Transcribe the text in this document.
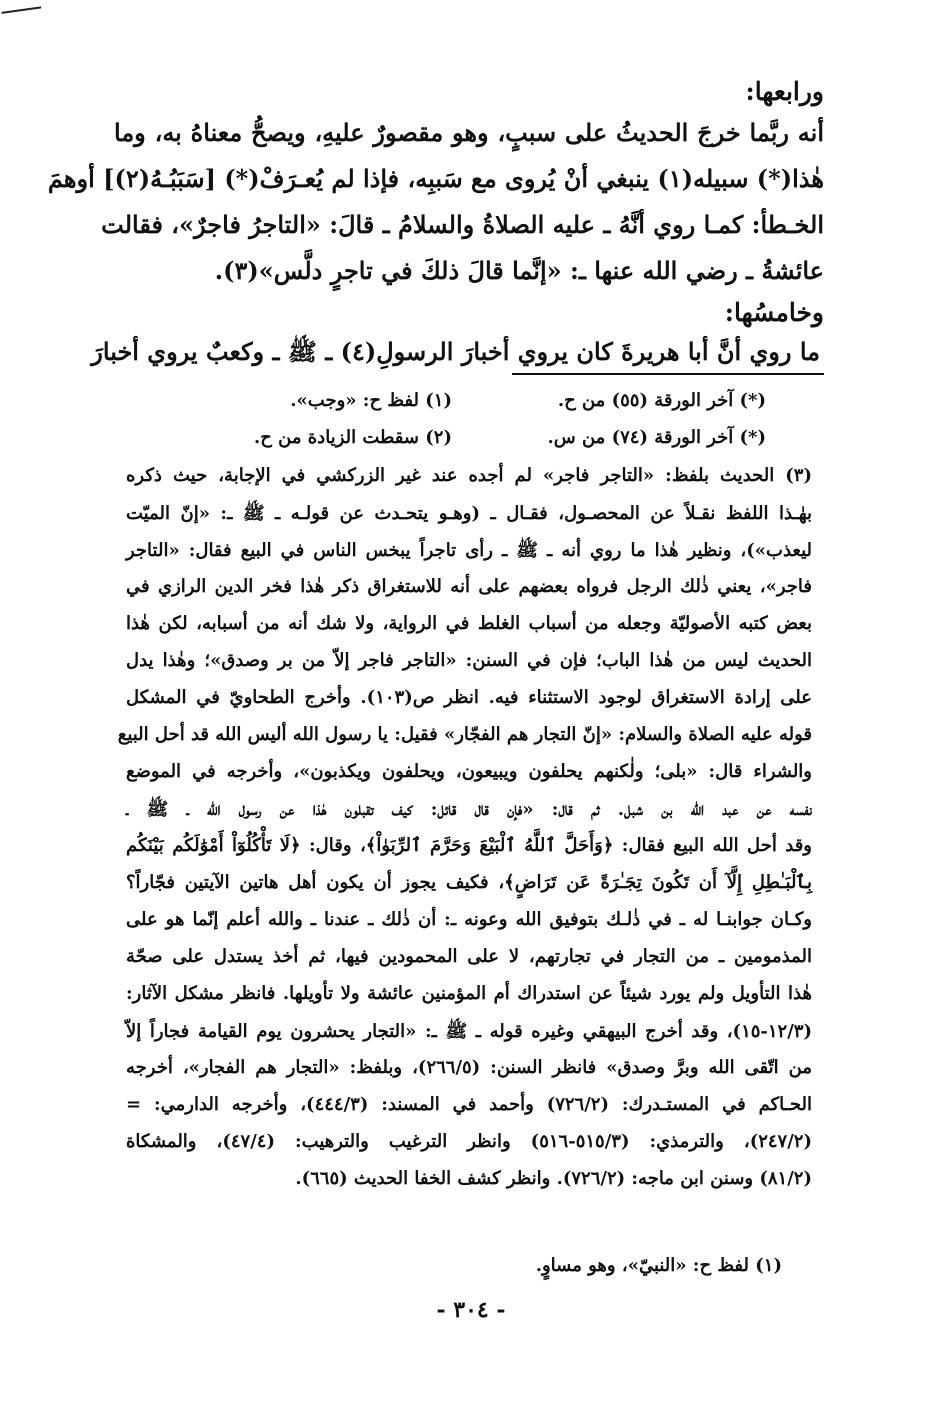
ورابعها:
أنه ربَّما خرجَ الحديثُ على سببٍ، وهو مقصورٌ عليهِ، ويصحُّ معناهُ به، وما
هٰذا(*) سبيله(١) ينبغي أنْ يُروى مع سَببِه، فإذا لم يُعـرَفْ(*) [سَبَبُـهُ(٢)] أوهمَ
الخـطأ: كمـا روي أنَّهُ ـ عليه الصلاةُ والسلامُ ـ قالَ: «التاجرُ فاجرٌ»، فقالت
عائشةُ ـ رضي الله عنها ـ: «إنَّما قالَ ذلكَ في تاجرٍ دلَّس»(٣).
وخامسُها:
ما روي أنَّ أبا هريرةَ كان يروي أخبارَ الرسولِ(٤) ـ ﷺ ـ وكعبٌ يروي أخبارَ
(*) آخر الورقة (٥٥) من ح.
(١) لفظ ح: «وجب».
(*) آخر الورقة (٧٤) من س.
(٢) سقطت الزيادة من ح.
(٣) الحديث بلفظ: «التاجر فاجر» لم أجده عند غير الزركشي في الإجابة، حيث ذكره
بهٰـذا اللفظ نقـلاً عن المحصـول، فقـال ـ (وهـو يتحـدث عن قولـه ـ ﷺ ـ: «إنّ الميّت
ليعذب»)، ونظير هٰذا ما روي أنه ـ ﷺ ـ رأى تاجراً يبخس الناس في البيع فقال: «التاجر
فاجر»، يعني ذٰلك الرجل فرواه بعضهم على أنه للاستغراق ذكر هٰذا فخر الدين الرازي في
بعض كتبه الأصوليّة وجعله من أسباب الغلط في الرواية، ولا شك أنه من أسبابه، لكن هٰذا
الحديث ليس من هٰذا الباب؛ فإن في السنن: «التاجر فاجر إلاّ من بر وصدق»؛ وهٰذا يدل
على إرادة الاستغراق لوجود الاستثناء فيه. انظر ص(١٠٣). وأخرج الطحاويّ في المشكل
قوله عليه الصلاة والسلام: «إنّ التجار هم الفجّار» فقيل: يا رسول الله أليس الله قد أحل البيع
والشراء قال: «بلى؛ ولٰكنهم يحلفون ويبيعون، ويحلفون ويكذبون»، وأخرجه في الموضع
نفسه عن عبد الله بن شبل. ثم قال: «فإن قال قائل: كيف تقبلون هٰذا عن رسول الله ـ ﷺ ـ
وقد أحل الله البيع فقال: ﴿وَأَحَلَّ ٱللَّهُ ٱلْبَيْعَ وَحَرَّمَ ٱلرِّبَوٰاْ﴾، وقال: ﴿لَا تَأْكُلُوٓاْ أَمْوَٰلَكُم بَيْنَكُم
بِٱلْبَـٰطِلِ إِلَّآ أَن تَكُونَ تِجَـٰرَةً عَن تَرَاضٍ﴾، فكيف يجوز أن يكون أهل هاتين الآيتين فجّاراً؟
وكـان جوابنـا له ـ في ذٰلـك بتوفيق الله وعونه ـ: أن ذٰلك ـ عندنا ـ والله أعلم إنّما هو على
المذمومين ـ من التجار في تجارتهم، لا على المحمودين فيها، ثم أخذ يستدل على صحّة
هٰذا التأويل ولم يورد شيئاً عن استدراك أم المؤمنين عائشة ولا تأويلها. فانظر مشكل الآثار:
(١٢/٣-١٥)، وقد أخرج البيهقي وغيره قوله ـ ﷺ ـ: «التجار يحشرون يوم القيامة فجاراً إلاّ
من اتّقى الله وبرَّ وصدق» فانظر السنن: (٢٦٦/٥)، وبلفظ: «التجار هم الفجار»، أخرجه
الحـاكم في المستـدرك: (٧٢٦/٢) وأحمد في المسند: (٤٤٤/٣)، وأخرجه الدارمي: =
(٢٤٧/٢)، والترمذي: (٥١٥/٣-٥١٦) وانظر الترغيب والترهيب: (٤٧/٤)، والمشكاة
(٨١/٢) وسنن ابن ماجه: (٧٢٦/٢). وانظر كشف الخفا الحديث (٦٦٥).
(١) لفظ ح: «النبيّ»، وهو مساوٍ.
- ٣٠٤ -
